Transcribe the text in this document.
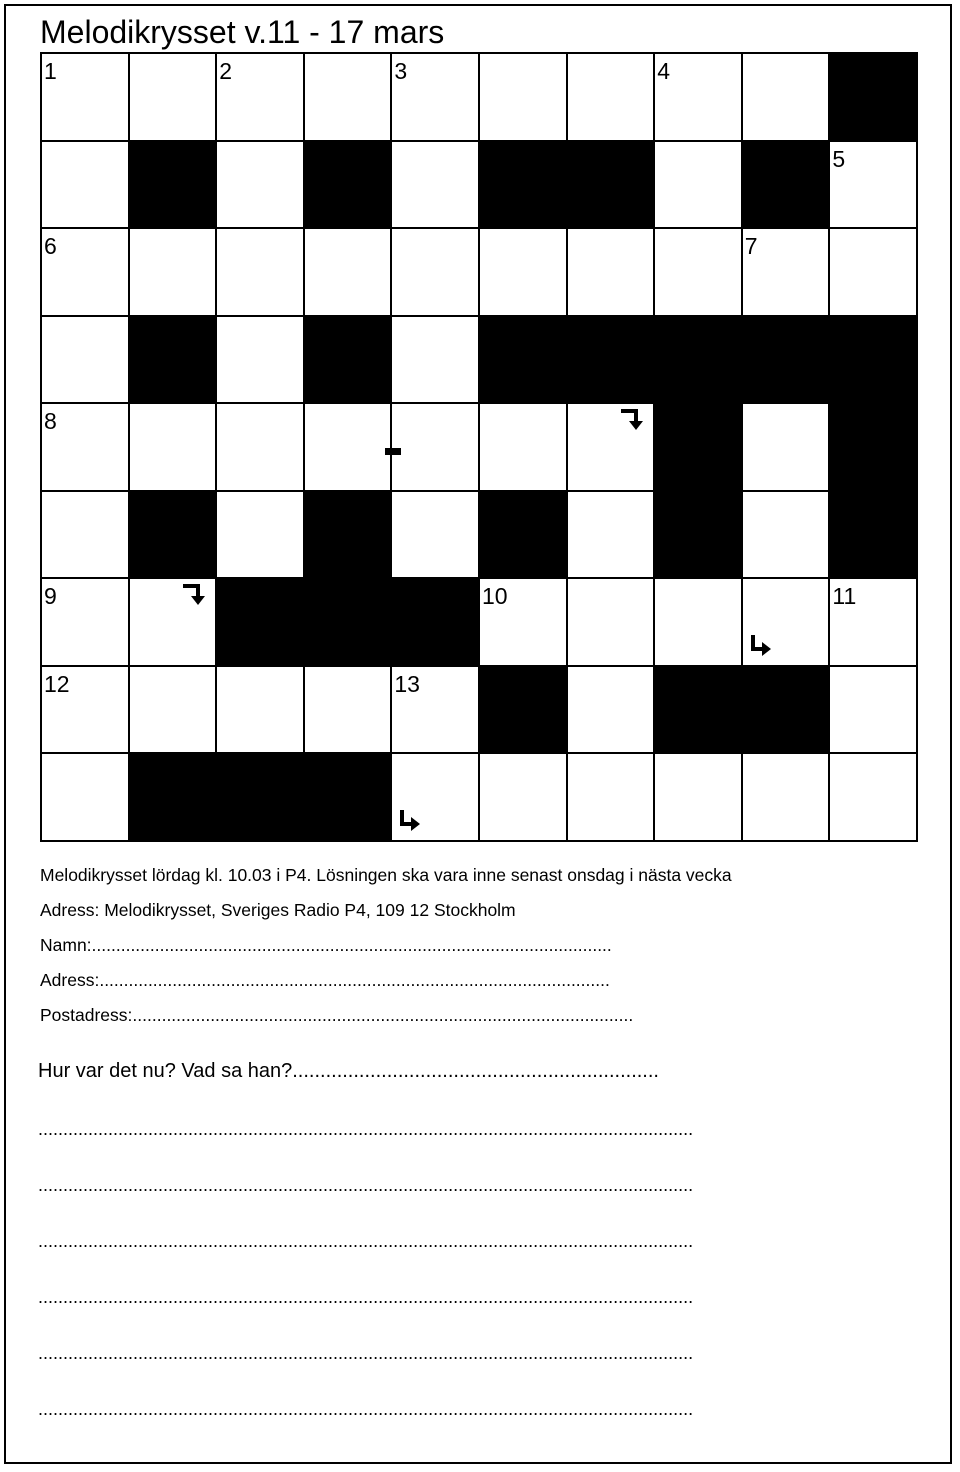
Melodikrysset v.11 - 17 mars
1	2	3	4
5
6	7
8
9	10	11
12	13
Melodikrysset lördag kl. 10.03 i P4. Lösningen ska vara inne senast onsdag i nästa vecka
Adress: Melodikrysset, Sveriges Radio P4, 109 12 Stockholm
Namn:...........................................................................................................
Adress:.........................................................................................................
Postadress:.......................................................................................................
Hur var det nu? Vad sa han?..................................................................
...................................................................................................................................
...................................................................................................................................
...................................................................................................................................
...................................................................................................................................
...................................................................................................................................
...................................................................................................................................
